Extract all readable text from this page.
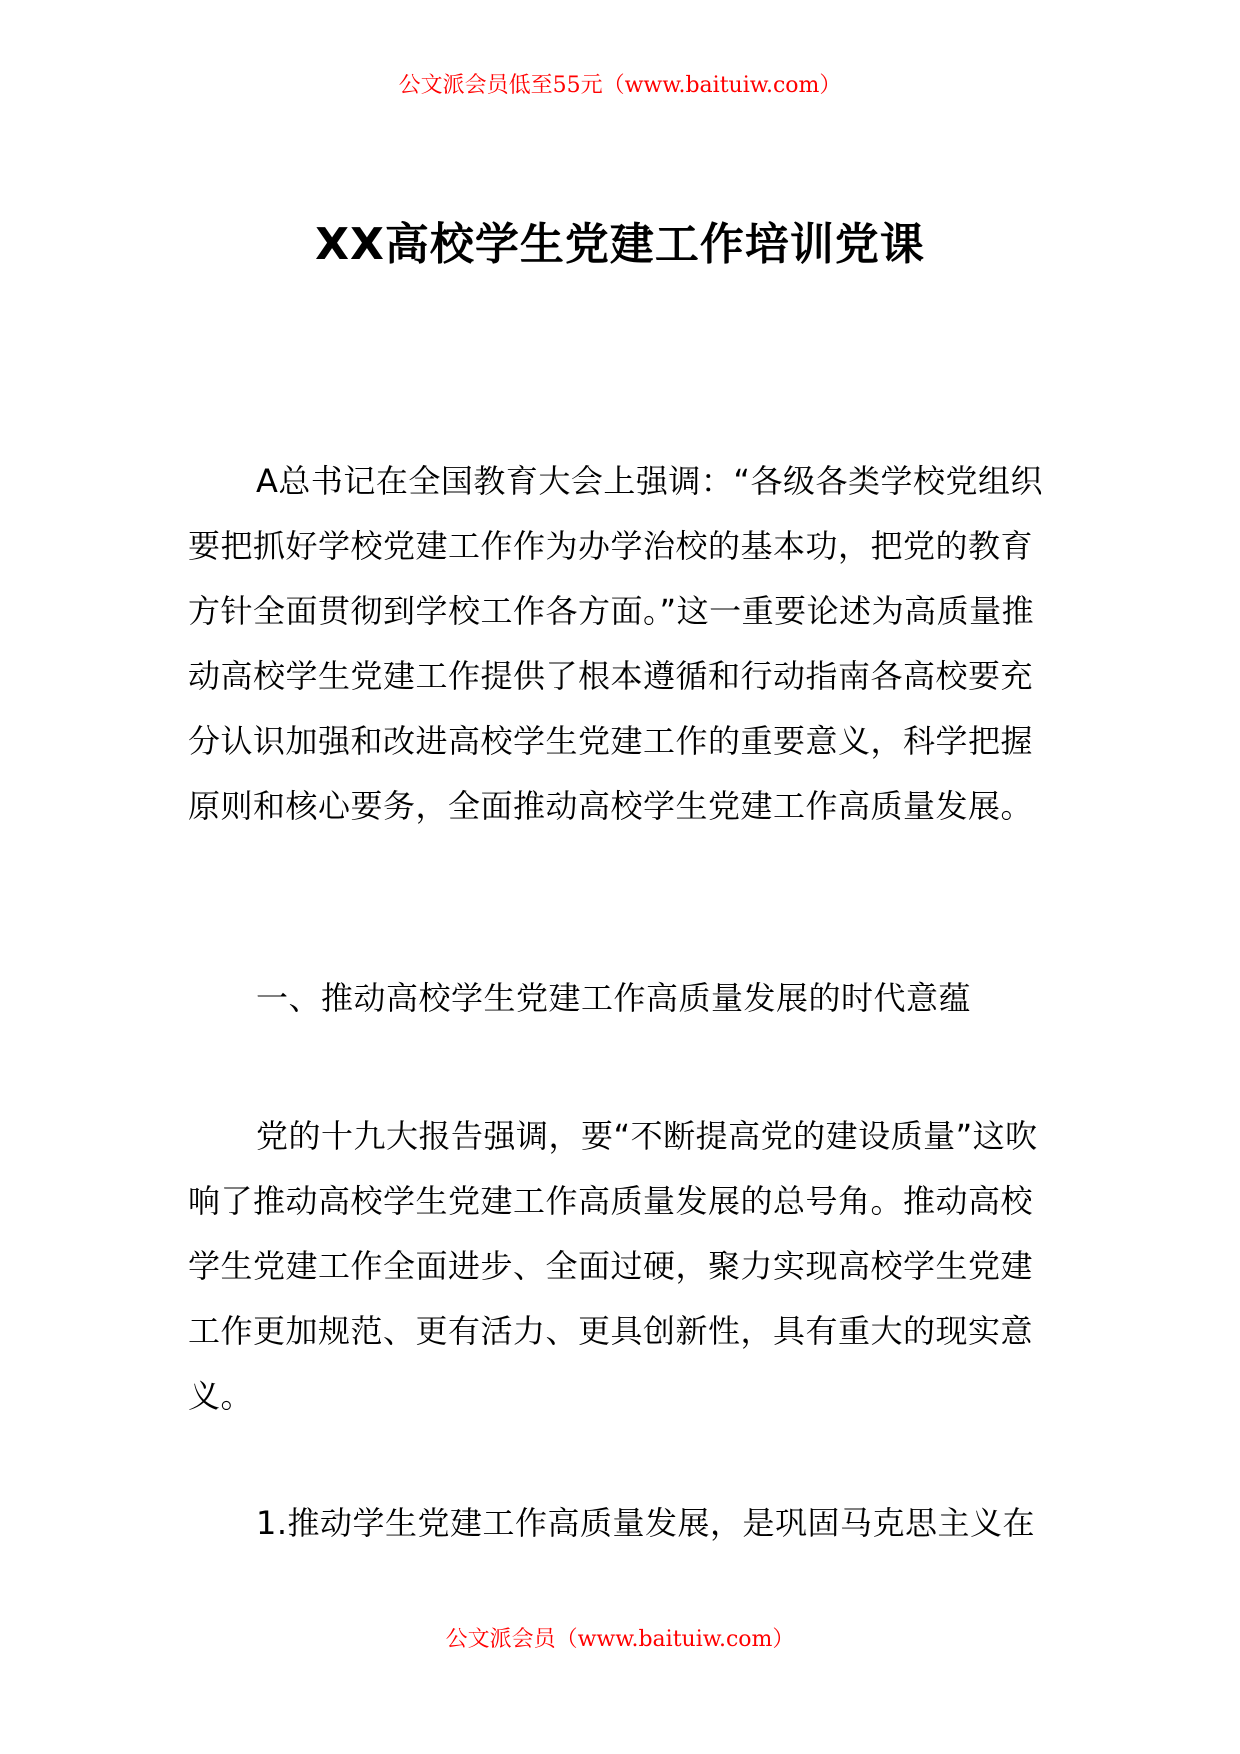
公文派会员低至55元（www.baituiw.com）
XX高校学生党建工作培训党课

A总书记在全国教育大会上强调：“各级各类学校党组织要把抓好学校党建工作作为办学治校的基本功，把党的教育方针全面贯彻到学校工作各方面。”这一重要论述为高质量推动高校学生党建工作提供了根本遵循和行动指南各高校要充分认识加强和改进高校学生党建工作的重要意义，科学把握原则和核心要务，全面推动高校学生党建工作高质量发展。

一、推动高校学生党建工作高质量发展的时代意蕴

党的十九大报告强调，要“不断提高党的建设质量”这吹响了推动高校学生党建工作高质量发展的总号角。推动高校学生党建工作全面进步、全面过硬，聚力实现高校学生党建工作更加规范、更有活力、更具创新性，具有重大的现实意义。

1.推动学生党建工作高质量发展，是巩固马克思主义在

公文派会员（www.baituiw.com）
